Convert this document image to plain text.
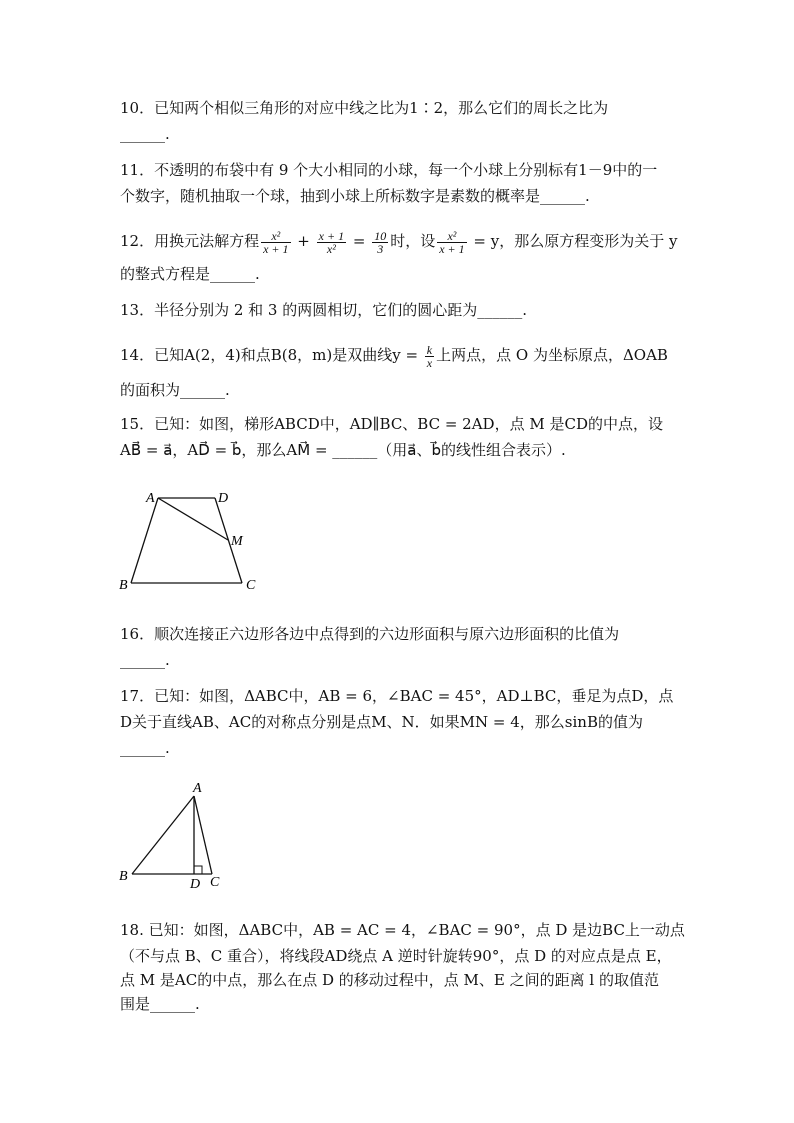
10．已知两个相似三角形的对应中线之比为1∶2，那么它们的周长之比为
______.
11．不透明的布袋中有 9 个大小相同的小球，每一个小球上分别标有1－9中的一
个数字，随机抽取一个球，抽到小球上所标数字是素数的概率是______.
12．用换元法解方程 $\frac{\text{x²}}{x + 1} + \frac{x + 1}{\text{x²}} = \frac{10}{3}$ 时，设 $\frac{\text{x²}}{x + 1} = y$，那么原方程变形为关于 y
的整式方程是______.
13．半径分别为 2 和 3 的两圆相切，它们的圆心距为______.
14．已知A(2，4)和点B(8，m)是双曲线$y = \frac{k}{x}$ 上两点，点 O 为坐标原点，ΔOAB
的面积为______.
15．已知：如图，梯形ABCD中，AD∥BC、BC = 2AD，点 M 是CD的中点，设
AB⃗ = a⃗，AD⃗ = b⃗，那么AM⃗ = ______（用a⃗、b⃗的线性组合表示）.
A	D
M
B	C
16．顺次连接正六边形各边中点得到的六边形面积与原六边形面积的比值为
______.
17．已知：如图，ΔABC中，AB = 6，∠BAC = 45°，AD⊥BC，垂足为点D，点
D关于直线AB、AC的对称点分别是点M、N．如果MN = 4，那么sinB的值为
______.
A
B
D C
18. 已知：如图，ΔABC中，AB = AC = 4，∠BAC = 90°，点 D 是边BC上一动点
（不与点 B、C 重合），将线段AD绕点 A 逆时针旋转90°，点 D 的对应点是点 E，
点 M 是AC的中点，那么在点 D 的移动过程中，点 M、E 之间的距离 l 的取值范
围是______.
